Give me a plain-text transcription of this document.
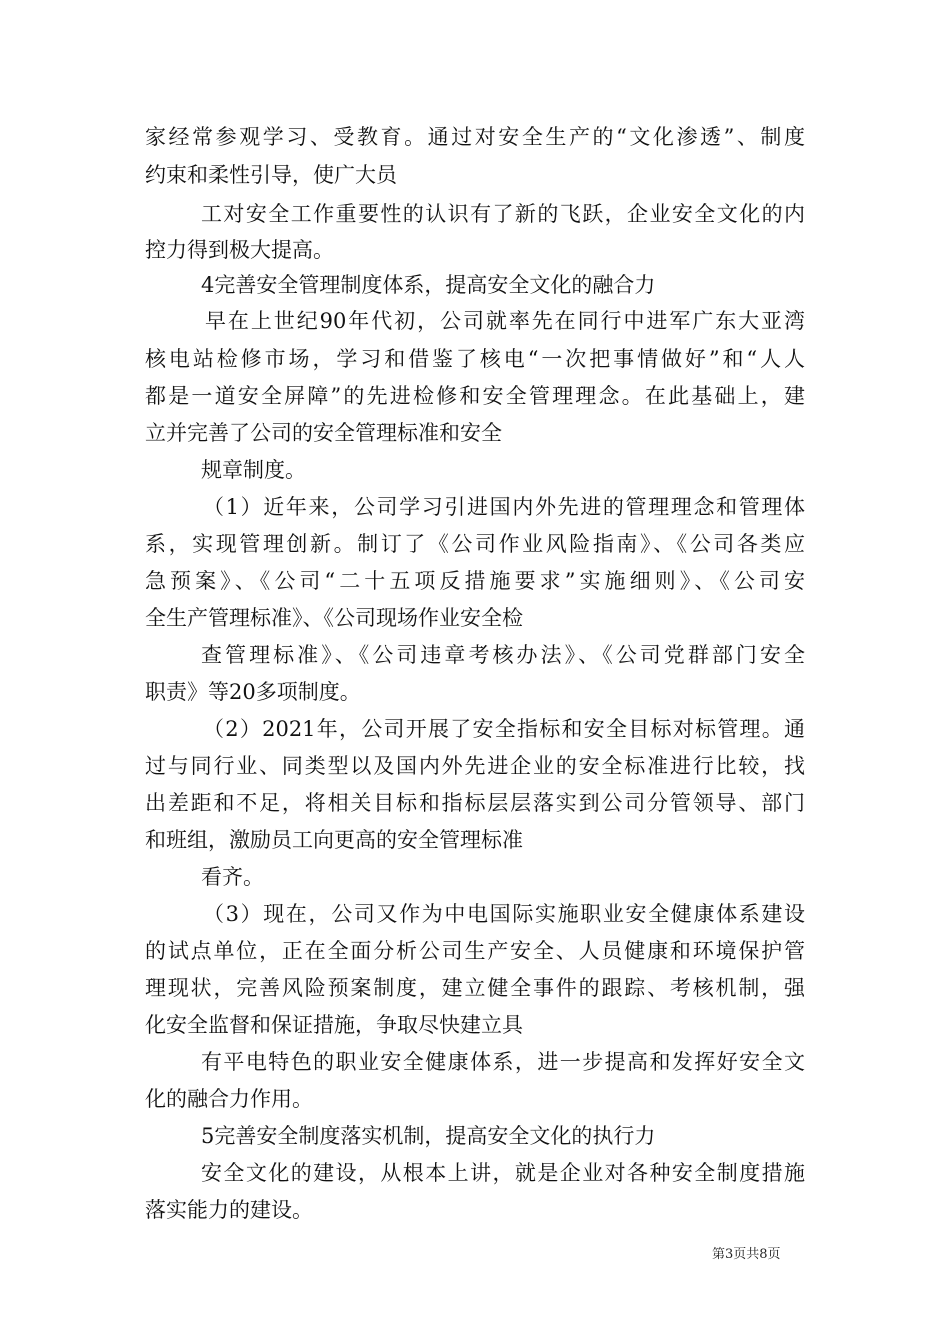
家经常参观学习、受教育。通过对安全生产的“文化渗透”、制度
约束和柔性引导，使广大员
工对安全工作重要性的认识有了新的飞跃，企业安全文化的内
控力得到极大提高。
4完善安全管理制度体系，提高安全文化的融合力
早在上世纪90年代初，公司就率先在同行中进军广东大亚湾
核电站检修市场，学习和借鉴了核电“一次把事情做好”和“人人
都是一道安全屏障”的先进检修和安全管理理念。在此基础上，建
立并完善了公司的安全管理标准和安全
规章制度。
（1）近年来，公司学习引进国内外先进的管理理念和管理体
系，实现管理创新。制订了《公司作业风险指南》、《公司各类应
急预案》、《公司“二十五项反措施要求”实施细则》、《公司安
全生产管理标准》、《公司现场作业安全检
查管理标准》、《公司违章考核办法》、《公司党群部门安全
职责》等20多项制度。
（2）2021年，公司开展了安全指标和安全目标对标管理。通
过与同行业、同类型以及国内外先进企业的安全标准进行比较，找
出差距和不足，将相关目标和指标层层落实到公司分管领导、部门
和班组，激励员工向更高的安全管理标准
看齐。
（3）现在，公司又作为中电国际实施职业安全健康体系建设
的试点单位，正在全面分析公司生产安全、人员健康和环境保护管
理现状，完善风险预案制度，建立健全事件的跟踪、考核机制，强
化安全监督和保证措施，争取尽快建立具
有平电特色的职业安全健康体系，进一步提高和发挥好安全文
化的融合力作用。
5完善安全制度落实机制，提高安全文化的执行力
安全文化的建设，从根本上讲，就是企业对各种安全制度措施
落实能力的建设。
第3页共8页
